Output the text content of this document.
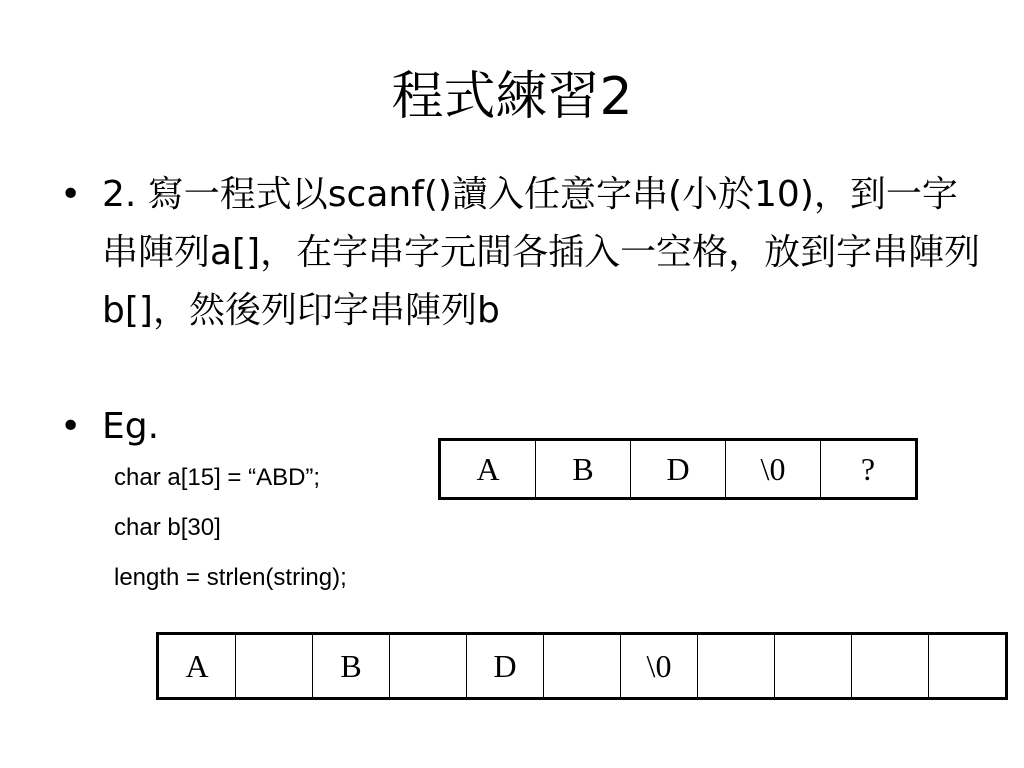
程式練習2
• 2. 寫一程式以scanf()讀入任意字串(小於10)，到一字串陣列a[]，在字串字元間各插入一空格，放到字串陣列b[]，然後列印字串陣列b
• Eg.
char a[15] = “ABD”;
char b[30]
length = strlen(string);
A	B	D	\0	?
A		B		D		\0				
